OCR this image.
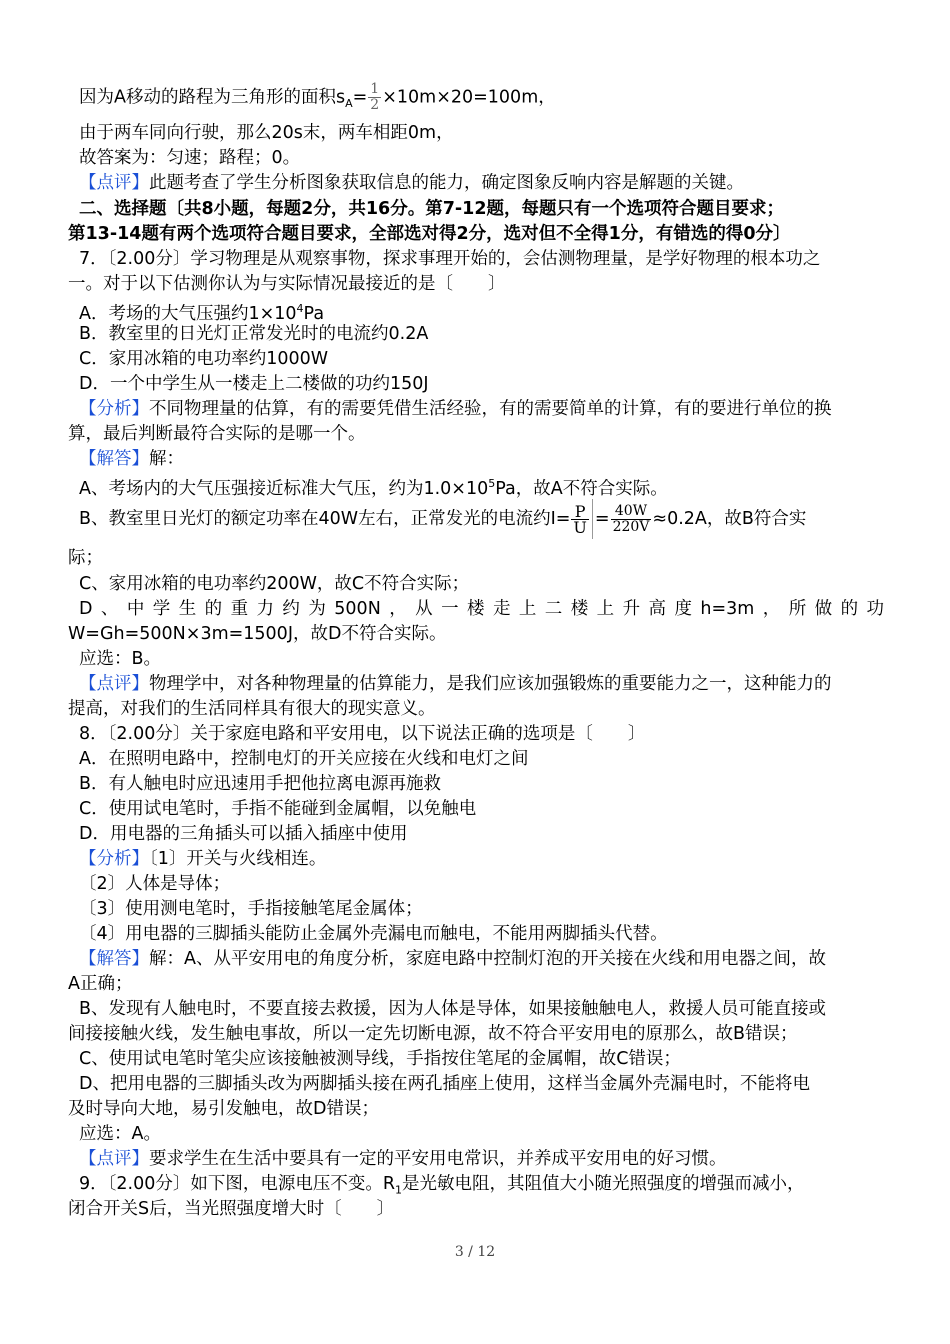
因为A移动的路程为三角形的面积$s_A= \frac{1}{2} \times 10m\times 20=100m$，
由于两车同向行驶，那么20s末，两车相距0m，
故答案为：匀速；路程；0。
【点评】此题考查了学生分析图象获取信息的能力，确定图象反响内容是解题的关键。
二、选择题〔共8小题，每题2分，共16分。第7-12题，每题只有一个选项符合题目要求；
第13-14题有两个选项符合题目要求，全部选对得2分，选对但不全得1分，有错选的得0分〕
7．〔2.00分〕学习物理是从观察事物，探求事理开始的，会估测物理量，是学好物理的根本功之
一。对于以下估测你认为与实际情况最接近的是〔　　〕
A．考场的大气压强约$1\times 10^4Pa$
B．教室里的日光灯正常发光时的电流约0.2A
C．家用冰箱的电功率约1000W
D．一个中学生从一楼走上二楼做的功约150J
【分析】不同物理量的估算，有的需要凭借生活经验，有的需要简单的计算，有的要进行单位的换
算，最后判断最符合实际的是哪一个。
【解答】解：
A、考场内的大气压强接近标准大气压，约为$1.0\times 10^5Pa$，故A不符合实际。
B、教室里日光灯的额定功率在40W左右，正常发光的电流约$I= \frac{P}{U} = \frac{40W}{220V} \approx 0.2A$，故B符合实
际；
C、家用冰箱的电功率约200W，故C不符合实际；
D、中学生的重力约为500N，从一楼走上二楼上升高度h=3m，所做的功
W=Gh=500N×3m=1500J，故D不符合实际。
应选：B。
【点评】物理学中，对各种物理量的估算能力，是我们应该加强锻炼的重要能力之一，这种能力的
提高，对我们的生活同样具有很大的现实意义。
8．〔2.00分〕关于家庭电路和平安用电，以下说法正确的选项是〔　　〕
A．在照明电路中，控制电灯的开关应接在火线和电灯之间
B．有人触电时应迅速用手把他拉离电源再施救
C．使用试电笔时，手指不能碰到金属帽，以免触电
D．用电器的三角插头可以插入插座中使用
【分析】〔1〕开关与火线相连。
〔2〕人体是导体；
〔3〕使用测电笔时，手指接触笔尾金属体；
〔4〕用电器的三脚插头能防止金属外壳漏电而触电，不能用两脚插头代替。
【解答】解：A、从平安用电的角度分析，家庭电路中控制灯泡的开关接在火线和用电器之间，故
A正确；
B、发现有人触电时，不要直接去救援，因为人体是导体，如果接触触电人，救援人员可能直接或
间接接触火线，发生触电事故，所以一定先切断电源，故不符合平安用电的原那么，故B错误；
C、使用试电笔时笔尖应该接触被测导线，手指按住笔尾的金属帽，故C错误；
D、把用电器的三脚插头改为两脚插头接在两孔插座上使用，这样当金属外壳漏电时，不能将电
及时导向大地，易引发触电，故D错误；
应选：A。
【点评】要求学生在生活中要具有一定的平安用电常识，并养成平安用电的好习惯。
9．〔2.00分〕如下图，电源电压不变。$R_1$是光敏电阻，其阻值大小随光照强度的增强而减小，
闭合开关S后，当光照强度增大时〔　　〕
3 / 12
